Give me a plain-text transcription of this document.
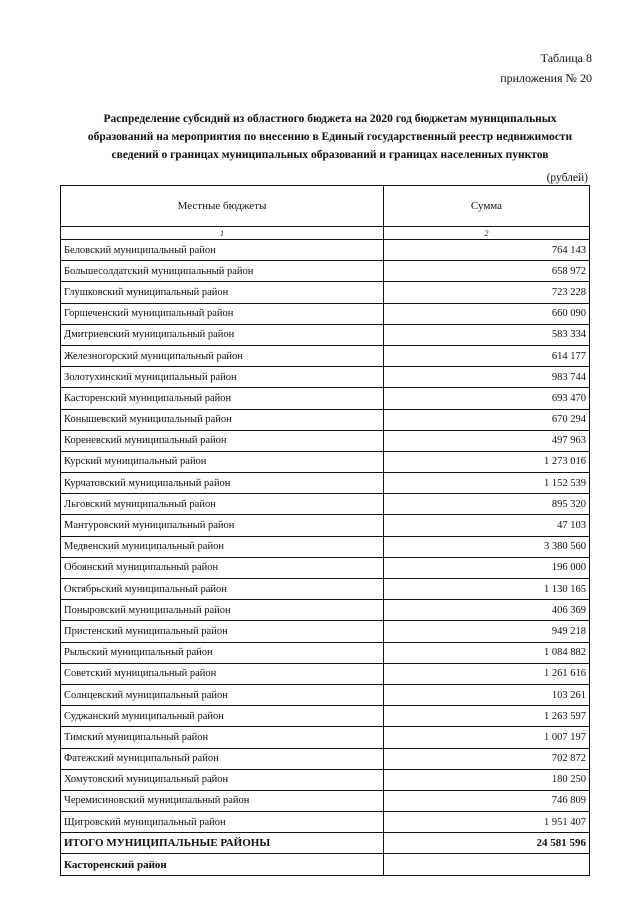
Таблица 8
приложения № 20
Распределение субсидий из областного бюджета на 2020 год бюджетам муниципальных образований на мероприятия по внесению в Единый государственный реестр недвижимости сведений о границах муниципальных образований и границах населенных пунктов
(рублей)
Местные бюджеты	Сумма
1	2
Беловский муниципальный район	764 143
Большесолдатский муниципальный район	658 972
Глушковский муниципальный район	723 228
Горшеченский муниципальный район	660 090
Дмитриевский муниципальный район	583 334
Железногорский муниципальный район	614 177
Золотухинский муниципальный район	983 744
Касторенский муниципальный район	693 470
Конышевский муниципальный район	670 294
Кореневский муниципальный район	497 963
Курский муниципальный район	1 273 016
Курчатовский муниципальный район	1 152 539
Льговский муниципальный район	895 320
Мантуровский муниципальный район	47 103
Медвенский муниципальный район	3 380 560
Обоянский муниципальный район	196 000
Октябрьский муниципальный район	1 130 165
Поныровский муниципальный район	406 369
Пристенский муниципальный район	949 218
Рыльский муниципальный район	1 084 882
Советский муниципальный район	1 261 616
Солнцевский муниципальный район	103 261
Суджанский муниципальный район	1 263 597
Тимский муниципальный район	1 007 197
Фатежский муниципальный район	702 872
Хомутовский муниципальный район	180 250
Черемисиновский муниципальный район	746 809
Щигровский муниципальный район	1 951 407
ИТОГО МУНИЦИПАЛЬНЫЕ РАЙОНЫ	24 581 596
Касторенский район	
